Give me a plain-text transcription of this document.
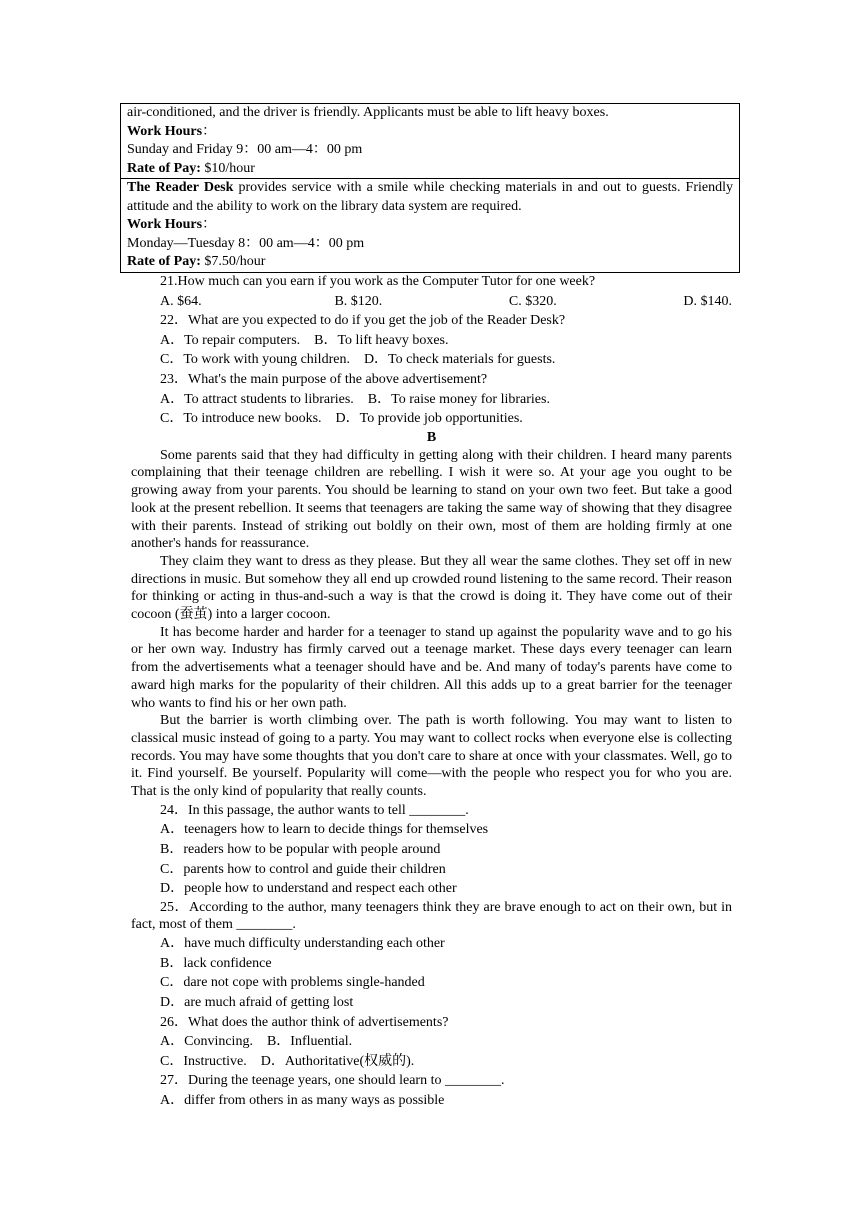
air-conditioned, and the driver is friendly. Applicants must be able to lift heavy boxes.

Work Hours：

Sunday and Friday 9：00 am—4：00 pm

Rate of Pay: $10/hour

The Reader Desk provides service with a smile while checking materials in and out to guests. Friendly attitude and the ability to work on the library data system are required.

Work Hours：

Monday—Tuesday 8：00 am—4：00 pm

Rate of Pay: $7.50/hour

21.How much can you earn if you work as the Computer Tutor for one week?

A. $64.	B. $120.	C. $320.	D. $140.

22．What are you expected to do if you get the job of the Reader Desk?

A．To repair computers.　B．To lift heavy boxes.

C．To work with young children.　D．To check materials for guests.

23．What's the main purpose of the above advertisement?

A．To attract students to libraries.　B．To raise money for libraries.

C．To introduce new books.　D．To provide job opportunities.

B

Some parents said that they had difficulty in getting along with their children. I heard many parents complaining that their teenage children are rebelling. I wish it were so. At your age you ought to be growing away from your parents. You should be learning to stand on your own two feet. But take a good look at the present rebellion. It seems that teenagers are taking the same way of showing that they disagree with their parents. Instead of striking out boldly on their own, most of them are holding firmly at one another's hands for reassurance.

They claim they want to dress as they please. But they all wear the same clothes. They set off in new directions in music. But somehow they all end up crowded round listening to the same record. Their reason for thinking or acting in thus-and-such a way is that the crowd is doing it. They have come out of their cocoon (蚕茧) into a larger cocoon.

It has become harder and harder for a teenager to stand up against the popularity wave and to go his or her own way. Industry has firmly carved out a teenage market. These days every teenager can learn from the advertisements what a teenager should have and be. And many of today's parents have come to award high marks for the popularity of their children. All this adds up to a great barrier for the teenager who wants to find his or her own path.

But the barrier is worth climbing over. The path is worth following. You may want to listen to classical music instead of going to a party. You may want to collect rocks when everyone else is collecting records. You may have some thoughts that you don't care to share at once with your classmates. Well, go to it. Find yourself. Be yourself. Popularity will come—with the people who respect you for who you are. That is the only kind of popularity that really counts.

24．In this passage, the author wants to tell ________.

A．teenagers how to learn to decide things for themselves

B．readers how to be popular with people around

C．parents how to control and guide their children

D．people how to understand and respect each other

25．According to the author, many teenagers think they are brave enough to act on their own, but in fact, most of them ________.

A．have much difficulty understanding each other

B．lack confidence

C．dare not cope with problems single-handed

D．are much afraid of getting lost

26．What does the author think of advertisements?

A．Convincing.　B．Influential.

C．Instructive.　D．Authoritative(权威的).

27．During the teenage years, one should learn to ________.

A．differ from others in as many ways as possible
